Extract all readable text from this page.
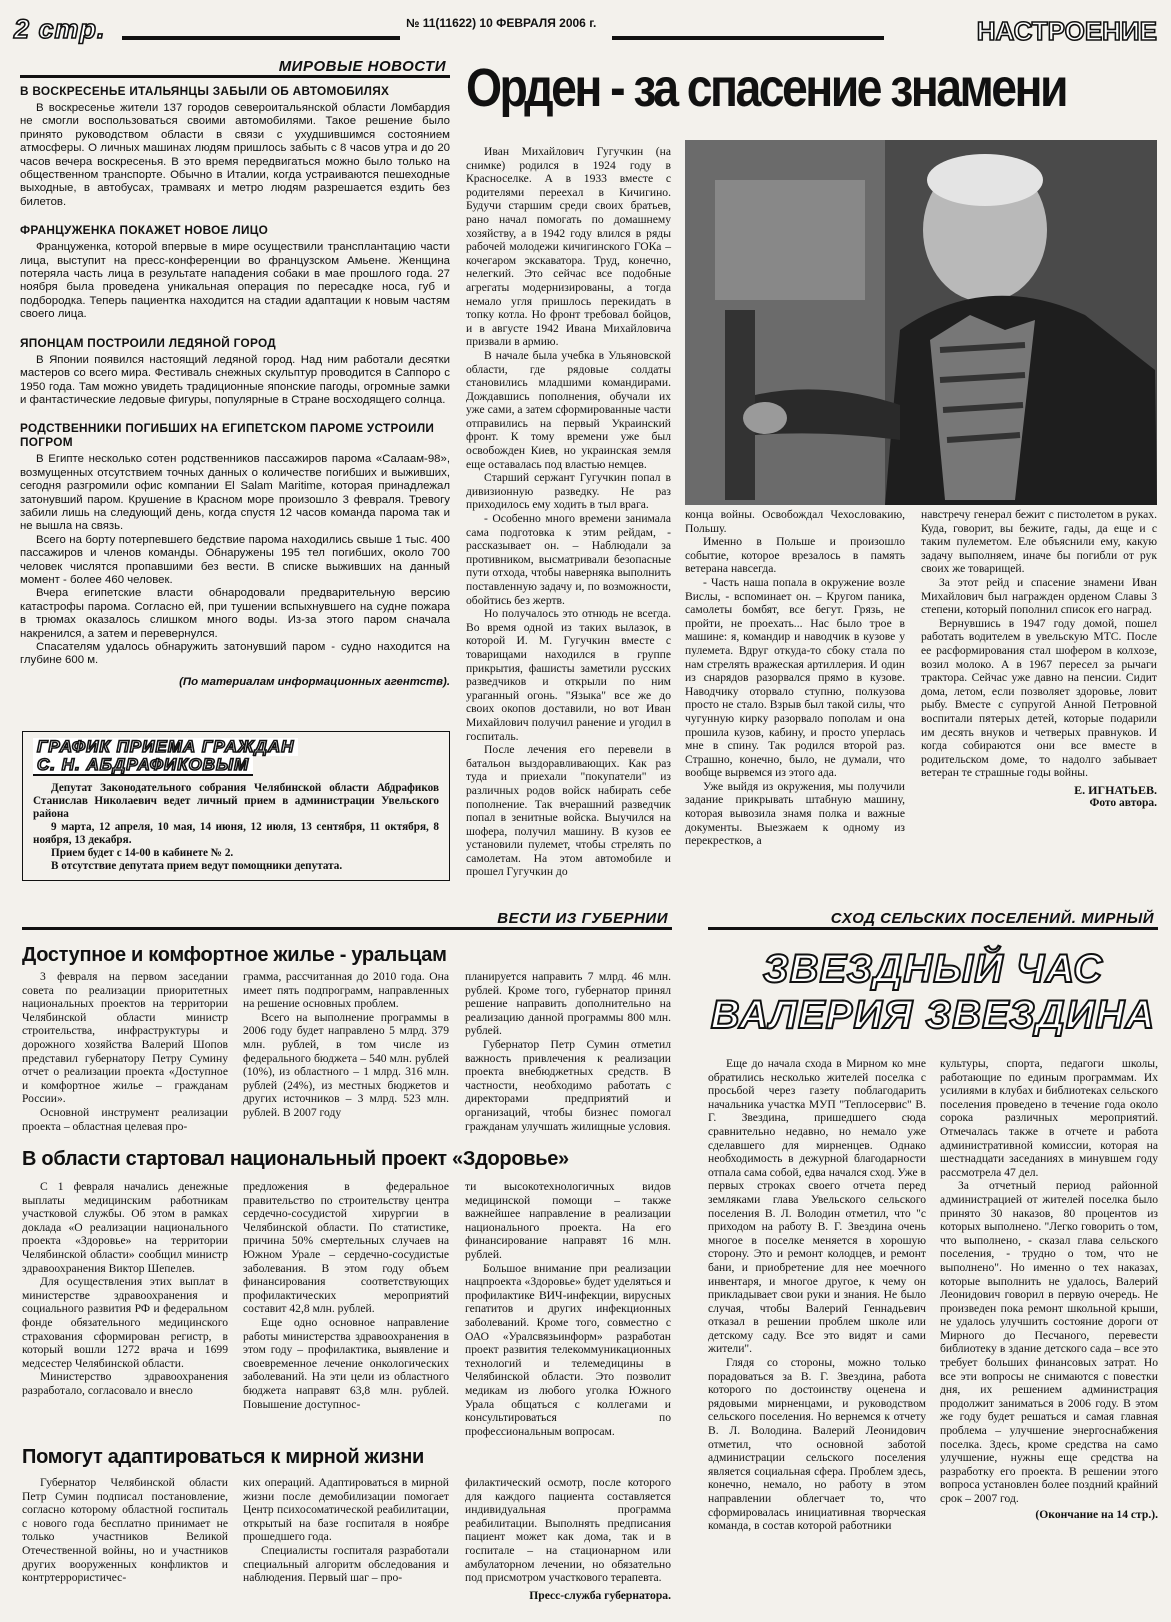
2 стр.	№ 11(11622) 10 ФЕВРАЛЯ 2006 г.	НАСТРОЕНИЕ
МИРОВЫЕ НОВОСТИ
В ВОСКРЕСЕНЬЕ ИТАЛЬЯНЦЫ ЗАБЫЛИ ОБ АВТОМОБИЛЯХ

В воскресенье жители 137 городов североитальянской области Ломбардия не смогли воспользоваться своими автомобилями. Такое решение было принято руководством области в связи с ухудшившимся состоянием атмосферы. О личных машинах людям пришлось забыть с 8 часов утра и до 20 часов вечера воскресенья. В это время передвигаться можно было только на общественном транспорте. Обычно в Италии, когда устраиваются пешеходные выходные, в автобусах, трамваях и метро людям разрешается ездить без билетов.

ФРАНЦУЖЕНКА ПОКАЖЕТ НОВОЕ ЛИЦО

Француженка, которой впервые в мире осуществили трансплантацию части лица, выступит на пресс-конференции во французском Амьене. Женщина потеряла часть лица в результате нападения собаки в мае прошлого года. 27 ноября была проведена уникальная операция по пересадке носа, губ и подбородка. Теперь пациентка находится на стадии адаптации к новым частям своего лица.

ЯПОНЦАМ ПОСТРОИЛИ ЛЕДЯНОЙ ГОРОД

В Японии появился настоящий ледяной город. Над ним работали десятки мастеров со всего мира. Фестиваль снежных скульптур проводится в Саппоро с 1950 года. Там можно увидеть традиционные японские пагоды, огромные замки и фантастические ледовые фигуры, популярные в Стране восходящего солнца.

РОДСТВЕННИКИ ПОГИБШИХ НА ЕГИПЕТСКОМ ПАРОМЕ УСТРОИЛИ ПОГРОМ

В Египте несколько сотен родственников пассажиров парома «Салаам-98», возмущенных отсутствием точных данных о количестве погибших и выживших, сегодня разгромили офис компании El Salam Maritime, которая принадлежал затонувший паром. Крушение в Красном море произошло 3 февраля. Тревогу забили лишь на следующий день, когда спустя 12 часов команда парома так и не вышла на связь.

Всего на борту потерпевшего бедствие парома находились свыше 1 тыс. 400 пассажиров и членов команды. Обнаружены 195 тел погибших, около 700 человек числятся пропавшими без вести. В списке выживших на данный момент - более 460 человек.

Вчера египетские власти обнародовали предварительную версию катастрофы парома. Согласно ей, при тушении вспыхнувшего на судне пожара в трюмах оказалось слишком много воды. Из-за этого паром сначала накренился, а затем и перевернулся.

Спасателям удалось обнаружить затонувший паром - судно находится на глубине 600 м.

(По материалам информационных агентств).
ГРАФИК ПРИЕМА ГРАЖДАН
С. Н. АБДРАФИКОВЫМ

Депутат Законодательного собрания Челябинской области Абдрафиков Станислав Николаевич ведет личный прием в администрации Увельского района

9 марта, 12 апреля, 10 мая, 14 июня, 12 июля, 13 сентября, 11 октября, 8 ноября, 13 декабря.

Прием будет с 14-00 в кабинете № 2.

В отсутствие депутата прием ведут помощники депутата.

Орден - за спасение знамени

Иван Михайлович Гугучкин (на снимке) родился в 1924 году в Красноселке. А в 1933 вместе с родителями переехал в Кичигино. Будучи старшим среди своих братьев, рано начал помогать по домашнему хозяйству, а в 1942 году влился в ряды рабочей молодежи кичигинского ГОКа – кочегаром экскаватора. Труд, конечно, нелегкий. Это сейчас все подобные агрегаты модернизированы, а тогда немало угля пришлось перекидать в топку котла. Но фронт требовал бойцов, и в августе 1942 Ивана Михайловича призвали в армию.

В начале была учебка в Ульяновской области, где рядовые солдаты становились младшими командирами. Дождавшись пополнения, обучали их уже сами, а затем сформированные части отправились на первый Украинский фронт. К тому времени уже был освобожден Киев, но украинская земля еще оставалась под властью немцев.

Старший сержант Гугучкин попал в дивизионную разведку. Не раз приходилось ему ходить в тыл врага.

- Особенно много времени занимала сама подготовка к этим рейдам, - рассказывает он. – Наблюдали за противником, высматривали безопасные пути отхода, чтобы наверняка выполнить поставленную задачу и, по возможности, обойтись без жертв.

Но получалось это отнюдь не всегда. Во время одной из таких вылазок, в которой И. М. Гугучкин вместе с товарищами находился в группе прикрытия, фашисты заметили русских разведчиков и открыли по ним ураганный огонь. "Языка" все же до своих окопов доставили, но вот Иван Михайлович получил ранение и угодил в госпиталь.

После лечения его перевели в батальон выздоравливающих. Как раз туда и приехали "покупатели" из различных родов войск набирать себе пополнение. Так вчерашний разведчик попал в зенитные войска. Выучился на шофера, получил машину. В кузов ее установили пулемет, чтобы стрелять по самолетам. На этом автомобиле и прошел Гугучкин до

конца войны. Освобождал Чехословакию, Польшу.

Именно в Польше и произошло событие, которое врезалось в память ветерана навсегда.

- Часть наша попала в окружение возле Вислы, - вспоминает он. – Кругом паника, самолеты бомбят, все бегут. Грязь, не пройти, не проехать... Нас было трое в машине: я, командир и наводчик в кузове у пулемета. Вдруг откуда-то сбоку стала по нам стрелять вражеская артиллерия. И один из снарядов разорвался прямо в кузове. Наводчику оторвало ступню, полкузова просто не стало. Взрыв был такой силы, что чугунную кирку разорвало пополам и она прошила кузов, кабину, и просто уперлась мне в спину. Так родился второй раз. Страшно, конечно, было, не думали, что вообще вырвемся из этого ада.

Уже выйдя из окружения, мы получили задание прикрывать штабную машину, которая вывозила знамя полка и важные документы. Выезжаем к одному из перекрестков, а

навстречу генерал бежит с пистолетом в руках. Куда, говорит, вы бежите, гады, да еще и с таким пулеметом. Еле объяснили ему, какую задачу выполняем, иначе бы погибли от рук своих же товарищей.

За этот рейд и спасение знамени Иван Михайлович был награжден орденом Славы 3 степени, который пополнил список его наград.

Вернувшись в 1947 году домой, пошел работать водителем в увельскую МТС. После ее расформирования стал шофером в колхозе, возил молоко. А в 1967 пересел за рычаги трактора. Сейчас уже давно на пенсии. Сидит дома, летом, если позволяет здоровье, ловит рыбу. Вместе с супругой Анной Петровной воспитали пятерых детей, которые подарили им десять внуков и четверых правнуков. И когда собираются они все вместе в родительском доме, то надолго забывает ветеран те страшные годы войны.

Е. ИГНАТЬЕВ.
Фото автора.
ВЕСТИ ИЗ ГУБЕРНИИ
Доступное и комфортное жилье - уральцам

3 февраля на первом заседании совета по реализации приоритетных национальных проектов на территории Челябинской области министр строительства, инфраструктуры и дорожного хозяйства Валерий Шопов представил губернатору Петру Сумину отчет о реализации проекта «Доступное и комфортное жилье – гражданам России».

Основной инструмент реализации проекта – областная целевая про-

грамма, рассчитанная до 2010 года. Она имеет пять подпрограмм, направленных на решение основных проблем.

Всего на выполнение программы в 2006 году будет направлено 5 млрд. 379 млн. рублей, в том числе из федерального бюджета – 540 млн. рублей (10%), из областного – 1 млрд. 316 млн. рублей (24%), из местных бюджетов и других источников – 3 млрд. 523 млн. рублей. В 2007 году

планируется направить 7 млрд. 46 млн. рублей. Кроме того, губернатор принял решение направить дополнительно на реализацию данной программы 800 млн. рублей.

Губернатор Петр Сумин отметил важность привлечения к реализации проекта внебюджетных средств. В частности, необходимо работать с директорами предприятий и организаций, чтобы бизнес помогал гражданам улучшать жилищные условия.

В области стартовал национальный проект «Здоровье»

С 1 февраля начались денежные выплаты медицинским работникам участковой службы. Об этом в рамках доклада «О реализации национального проекта «Здоровье» на территории Челябинской области» сообщил министр здравоохранения Виктор Шепелев.

Для осуществления этих выплат в министерстве здравоохранения и социального развития РФ и федеральном фонде обязательного медицинского страхования сформирован регистр, в который вошли 1272 врача и 1699 медсестер Челябинской области.

Министерство здравоохранения разработало, согласовало и внесло

предложения в федеральное правительство по строительству центра сердечно-сосудистой хирургии в Челябинской области. По статистике, причина 50% смертельных случаев на Южном Урале – сердечно-сосудистые заболевания. В этом году объем финансирования соответствующих профилактических мероприятий составит 42,8 млн. рублей.

Еще одно основное направление работы министерства здравоохранения в этом году – профилактика, выявление и своевременное лечение онкологических заболеваний. На эти цели из областного бюджета направят 63,8 млн. рублей. Повышение доступнос-

ти высокотехнологичных видов медицинской помощи – также важнейшее направление в реализации национального проекта. На его финансирование направят 16 млн. рублей.

Большое внимание при реализации нацпроекта «Здоровье» будет уделяться и профилактике ВИЧ-инфекции, вирусных гепатитов и других инфекционных заболеваний. Кроме того, совместно с ОАО «Уралсвязьинформ» разработан проект развития телекоммуникационных технологий и телемедицины в Челябинской области. Это позволит медикам из любого уголка Южного Урала общаться с коллегами и консультироваться по профессиональным вопросам.

Помогут адаптироваться к мирной жизни

Губернатор Челябинской области Петр Сумин подписал постановление, согласно которому областной госпиталь с нового года бесплатно принимает не только участников Великой Отечественной войны, но и участников других вооруженных конфликтов и контртеррористичес-

ких операций. Адаптироваться в мирной жизни после демобилизации помогает Центр психосоматической реабилитации, открытый на базе госпиталя в ноябре прошедшего года.

Специалисты госпиталя разработали специальный алгоритм обследования и наблюдения. Первый шаг – про-

филактический осмотр, после которого для каждого пациента составляется индивидуальная программа реабилитации. Выполнять предписания пациент может как дома, так и в госпитале – на стационарном или амбулаторном лечении, но обязательно под присмотром участкового терапевта.

Пресс-служба губернатора.
СХОД СЕЛЬСКИХ ПОСЕЛЕНИЙ. МИРНЫЙ
ЗВЕЗДНЫЙ ЧАС
ВАЛЕРИЯ ЗВЕЗДИНА

Еще до начала схода в Мирном ко мне обратились несколько жителей поселка с просьбой через газету поблагодарить начальника участка МУП "Теплосервис" В. Г. Звездина, пришедшего сюда сравнительно недавно, но немало уже сделавшего для мирненцев. Однако необходимость в дежурной благодарности отпала сама собой, едва начался сход. Уже в первых строках своего отчета перед земляками глава Увельского сельского поселения В. Л. Володин отметил, что "с приходом на работу В. Г. Звездина очень многое в поселке меняется в хорошую сторону. Это и ремонт колодцев, и ремонт бани, и приобретение для нее моечного инвентаря, и многое другое, к чему он прикладывает свои руки и знания. Не было случая, чтобы Валерий Геннадьевич отказал в решении проблем школе или детскому саду. Все это видят и сами жители".

Глядя со стороны, можно только порадоваться за В. Г. Звездина, работа которого по достоинству оценена и рядовыми мирненцами, и руководством сельского поселения. Но вернемся к отчету В. Л. Володина. Валерий Леонидович отметил, что основной заботой администрации сельского поселения является социальная сфера. Проблем здесь, конечно, немало, но работу в этом направлении облегчает то, что сформировалась инициативная творческая команда, в состав которой работники

культуры, спорта, педагоги школы, работающие по единым программам. Их усилиями в клубах и библиотеках сельского поселения проведено в течение года около сорока различных мероприятий. Отмечалась также в отчете и работа административной комиссии, которая на шестнадцати заседаниях в минувшем году рассмотрела 47 дел.

За отчетный период районной администрацией от жителей поселка было принято 30 наказов, 80 процентов из которых выполнено. "Легко говорить о том, что выполнено, - сказал глава сельского поселения, - трудно о том, что не выполнено". Но именно о тех наказах, которые выполнить не удалось, Валерий Леонидович говорил в первую очередь. Не произведен пока ремонт школьной крыши, не удалось улучшить состояние дороги от Мирного до Песчаного, перевести библиотеку в здание детского сада – все это требует больших финансовых затрат. Но все эти вопросы не снимаются с повестки дня, их решением администрация продолжит заниматься в 2006 году. В этом же году будет решаться и самая главная проблема – улучшение энергоснабжения поселка. Здесь, кроме средства на само улучшение, нужны еще средства на разработку его проекта. В решении этого вопроса установлен более поздний крайний срок – 2007 год.

(Окончание на 14 стр.).
